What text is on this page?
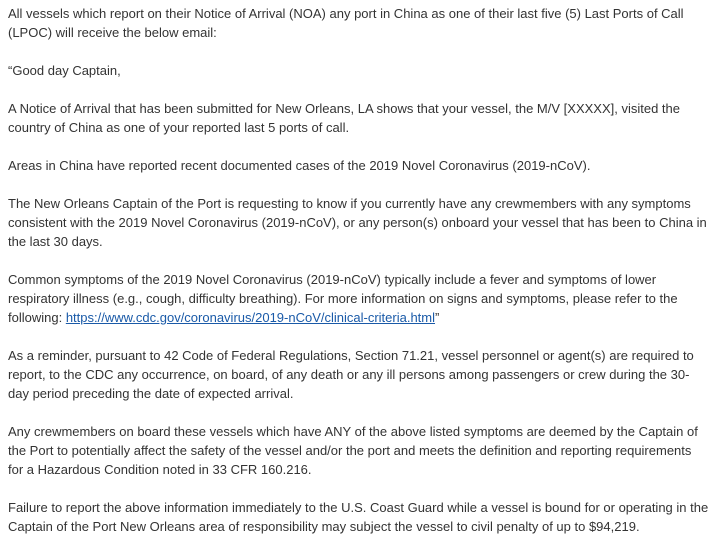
All vessels which report on their Notice of Arrival (NOA) any port in China as one of their last five (5) Last Ports of Call (LPOC) will receive the below email:

“Good day Captain,

A Notice of Arrival that has been submitted for New Orleans, LA shows that your vessel, the M/V [XXXXX], visited the country of China as one of your reported last 5 ports of call.

Areas in China have reported recent documented cases of the 2019 Novel Coronavirus (2019-nCoV).

The New Orleans Captain of the Port is requesting to know if you currently have any crewmembers with any symptoms consistent with the 2019 Novel Coronavirus (2019-nCoV), or any person(s) onboard your vessel that has been to China in the last 30 days.

Common symptoms of the 2019 Novel Coronavirus (2019-nCoV) typically include a fever and symptoms of lower respiratory illness (e.g., cough, difficulty breathing). For more information on signs and symptoms, please refer to the following: https://www.cdc.gov/coronavirus/2019-nCoV/clinical-criteria.html”

As a reminder, pursuant to 42 Code of Federal Regulations, Section 71.21, vessel personnel or agent(s) are required to report, to the CDC any occurrence, on board, of any death or any ill persons among passengers or crew during the 30-day period preceding the date of expected arrival.

Any crewmembers on board these vessels which have ANY of the above listed symptoms are deemed by the Captain of the Port to potentially affect the safety of the vessel and/or the port and meets the definition and reporting requirements for a Hazardous Condition noted in 33 CFR 160.216.

Failure to report the above information immediately to the U.S. Coast Guard while a vessel is bound for or operating in the Captain of the Port New Orleans area of responsibility may subject the vessel to civil penalty of up to $94,219.
